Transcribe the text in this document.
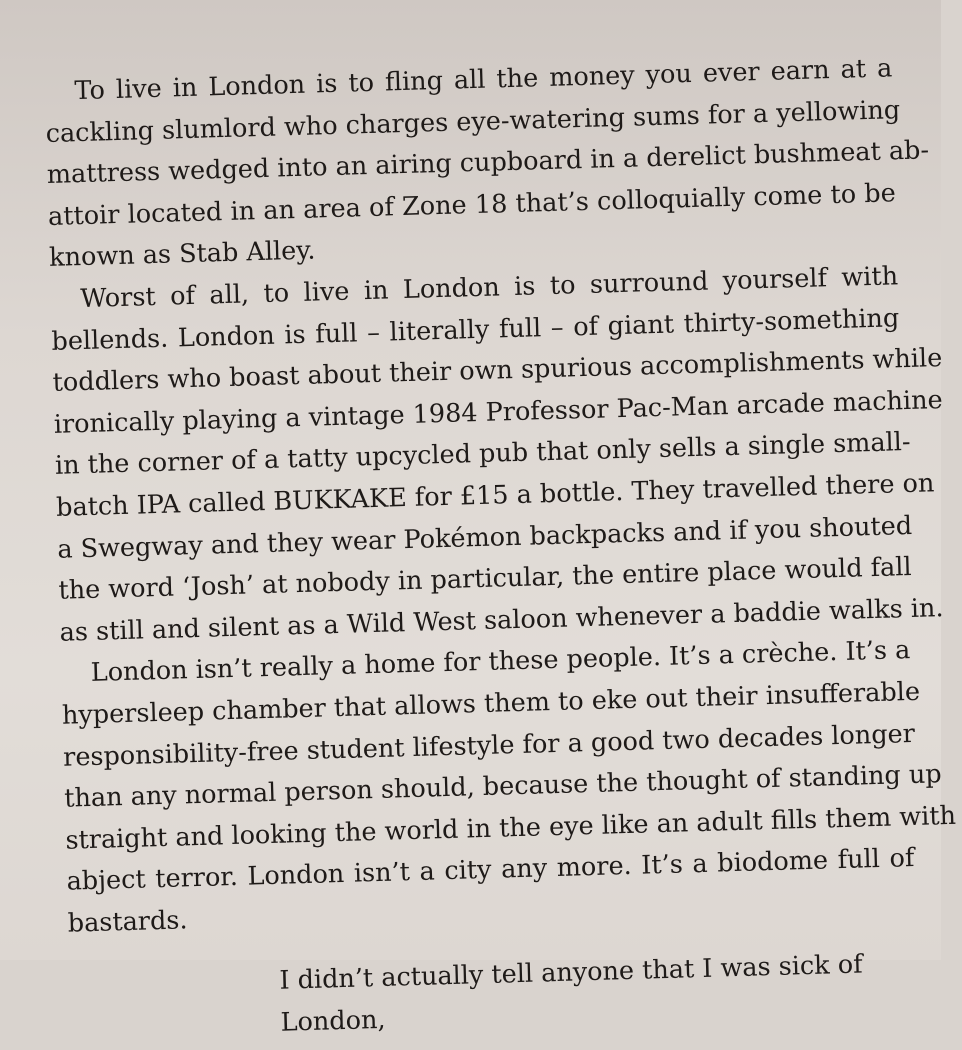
To live in London is to fling all the money you ever earn at a
cackling slumlord who charges eye-watering sums for a yellowing
mattress wedged into an airing cupboard in a derelict bushmeat ab-
attoir located in an area of Zone 18 that’s colloquially come to be
known as Stab Alley.
Worst of all, to live in London is to surround yourself with
bellends. London is full – literally full – of giant thirty-something
toddlers who boast about their own spurious accomplishments while
ironically playing a vintage 1984 Professor Pac-Man arcade machine
in the corner of a tatty upcycled pub that only sells a single small-
batch IPA called BUKKAKE for £15 a bottle. They travelled there on
a Swegway and they wear Pokémon backpacks and if you shouted
the word ‘Josh’ at nobody in particular, the entire place would fall
as still and silent as a Wild West saloon whenever a baddie walks in.
London isn’t really a home for these people. It’s a crèche. It’s a
hypersleep chamber that allows them to eke out their insufferable
responsibility-free student lifestyle for a good two decades longer
than any normal person should, because the thought of standing up
straight and looking the world in the eye like an adult fills them with
abject terror. London isn’t a city any more. It’s a biodome full of
bastards.
I didn’t actually tell anyone that I was sick of London,
